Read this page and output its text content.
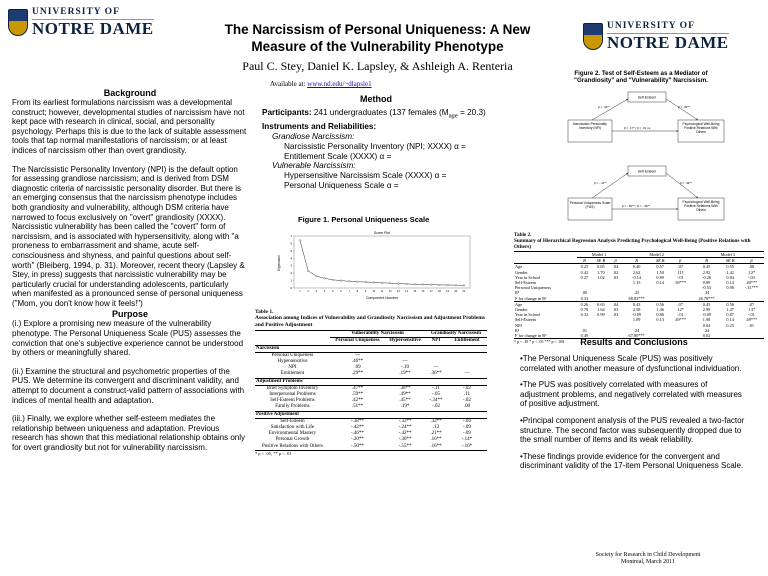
UNIVERSITY OF
NOTRE DAME	UNIVERSITY OF
NOTRE DAME
The Narcissism of Personal Uniqueness: A New Measure of the Vulnerability Phenotype
Paul C. Stey, Daniel K. Lapsley, & Ashleigh A. Renteria
Available at: www.nd.edu/~dlapsle1
Background
From its earliest formulations narcissism was a developmental construct; however, developmental studies of narcissism have not kept pace with research in clinical, social, and personality psychology. Perhaps this is due to the lack of suitable assessment tools that tap normal manifestations of narcissism; or at least indices of narcissism other than overt grandiosity.
The Narcissistic Personality Inventory (NPI) is the default option for assessing grandiose narcissism; and is derived from DSM diagnostic criteria of narcissistic personality disorder. But there is an emerging consensus that the narcissism phenotype includes both grandiosity and vulnerability, although DSM criteria have narrowed to focus exclusively on "overt" grandiosity (XXXX). Narcissistic vulnerability has been called the "covert" form of narcissism, and is associated with hypersensitivity, along with "a proneness to embarrassment and shame, acute self-consciousness and shyness, and painful questions about self-worth" (Bleiberg, 1994, p. 31). Moreover, recent theory (Lapsley & Stey, in press) suggests that narcissistic vulnerability may be particularly crucial for understanding adolescents, particularly when manifested as a pronounced sense of personal uniqueness ("Mom, you don't know how it feels!")
Purpose
(i.) Explore a promising new measure of the vulnerability phenotype. The Personal Uniqueness Scale (PUS) assesses the conviction that one's subjective experience cannot be understood by others or meaningfully shared.
(ii.) Examine the structural and psychometric properties of the PUS. We determine its convergent and discriminant validity, and attempt to document a construct-valid pattern of associations with indices of mental health and adaptation.
(iii.) Finally, we explore whether self-esteem mediates the relationship between uniqueness and adaptation. Previous research has shown that this mediational relationship obtains only for overt grandiosity but not for vulnerability narcissism.
Method
Participants: 241 undergraduates (137 females $(M_{age} = 20.3)$
Instruments and Reliabilities:
Grandiose Narcissism:
Narcissistic Personality Inventory (NPI; XXXX) α =
Entitlement Scale (XXXX) α =
Vulnerable Narcissism:
Hypersensitive Narcissism Scale (XXXX) α =
Personal Uniqueness Scale α =
Figure 1. Personal Uniqueness Scale
Scree Plot
0
1
2
3
4
5
6
7
1	2	3	4	5	6	7	8	9 10 11 12 13 14 15 16 17 18 19 20 21
Eigenvalue
Component Number
Table 1.
Association among Indices of Vulnerability and Grandiosity Narcissism and Adjustment Problems and Positive Adjustment
	Vulnerability Narcissism		Grandiosity Narcissism	
	Personal Uniqueness	Hypersensitive	NPI	Entitlement
Narcissism				
Personal Uniqueness	—			
Hypersensitive	.46**	—		
NPI	.09	-.10	—	
Entitlement	.29**	.19**	.36**	—
Adjustment Problems				
Brief Symptom Inventory	.47**	.38**	-.11	-.02
Interpersonal Problems	.59**	.49**	-.05	.11
Self-Esteem Problems	.42**	.45**	-.34**	-.02
Family Problems	.51**	.19*	-.02	.00
Positive Adjustment				
Self-Esteem	-.38**	-.33**	.32**	-.04
Satisfaction with Life	-.42**	-.24**	.12	-.09
Environmental Mastery	-.46**	-.42**	.21**	-.09
Personal Growth	-.20**	-.30**	.16**	-.14*
Positive Relations with Others	-.50**	-.55**	.16**	-.16*
* p < .05, ** p < .01
Figure 2. Test of Self-Esteem as a Mediator of "Grandiosity" and "Vulnerability" Narcissism.
Self-Esteem
Narcissistic Personality Inventory (NPI)
Psychological Well-Being Positive Relations With Others
β = .34**	β = .49**
β = .17* / β = .01 ns
Self-Esteem
Personal Uniqueness Scale (PUS)
Psychological Well-Being Positive Relations With Others
β = -.41**	β = .49**
β = -.50** / β = -.38**
Table 2.
Summary of Hierarchical Regression Analysis Predicting Psychological Well-Being (Positive Relations with Others)
	Model 1			Model 2			Model 3		
	B	SE B	β	B	SE B	β	B	SE B	β
Age	0.25	0.65	.04	0.40	0.57	.07	0.45	0.55	.08
Gender	0.42	1.70	.02	2.62	1.50	.11†	2.92	1.42	.12*
Year in School	0.27	1.02	.03	-0.14	0.89	-.01	-0.26	0.84	-.03
Self-Esteem				1.15	0.14	.50***	0.89	0.14	.40***
Personal Uniqueness							-0.53	0.96	-.31***
R²	.00			.25			.34		
F for change in R²	0.33			68.83***			26.79***		
Age	0.26	0.65	.04	0.43	0.56	.07	0.43	0.56	.07
Gender	0.78	1.64	.03	2.58	1.46	.12*	2.99	1.47	.13*
Year in School	0.32	0.99	.03	-0.09	0.86	-.01	-0.09	0.87	-.01
Self-Esteem				1.09	0.13	.49***	1.08	0.14	.49***
NPI							0.04	0.23	.01
R²	.01			.24			.24		
F for change in R²	0.49			67.80***			0.02		
† p < .10 * p < .05 *** p < .001	Results and Conclusions
•The Personal Uniqueness Scale (PUS) was positively correlated with another measure of dysfunctional individuation.
•The PUS was positively correlated with measures of adjustment problems, and negatively correlated with measures of positive adjustment.
•Principal component analysis of the PUS revealed a two-factor structure. The second factor was subsequently dropped due to the small number of items and its weak reliability.
•These findings provide evidence for the convergent and discriminant validity of the 17-item Personal Uniqueness Scale.
Society for Research in Child Development
Montreal, March 2011
